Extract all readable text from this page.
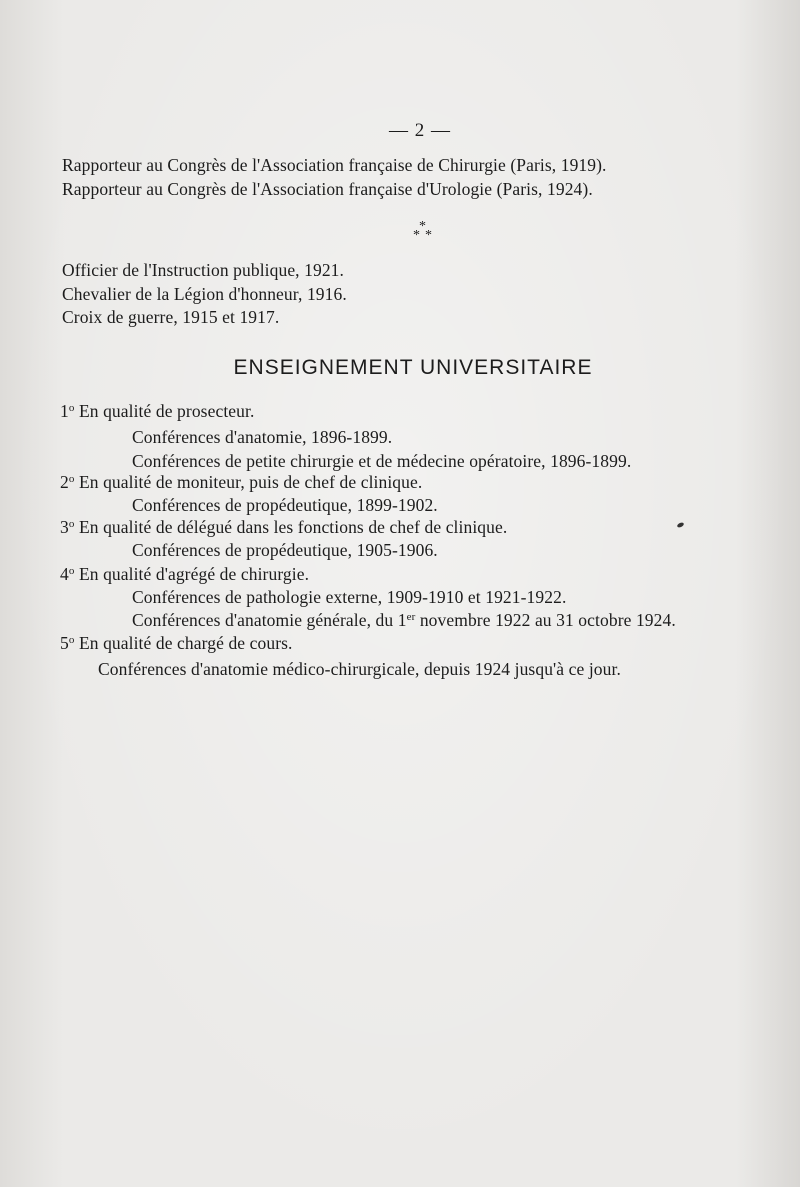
— 2 —
Rapporteur au Congrès de l'Association française de Chirurgie (Paris, 1919).
Rapporteur au Congrès de l'Association française d'Urologie (Paris, 1924).
*
* *
Officier de l'Instruction publique, 1921.
Chevalier de la Légion d'honneur, 1916.
Croix de guerre, 1915 et 1917.
ENSEIGNEMENT UNIVERSITAIRE
1$^o$ En qualité de prosecteur.
Conférences d'anatomie, 1896-1899.
Conférences de petite chirurgie et de médecine opératoire, 1896-1899.
2$^o$ En qualité de moniteur, puis de chef de clinique.
Conférences de propédeutique, 1899-1902.
3$^o$ En qualité de délégué dans les fonctions de chef de clinique.
Conférences de propédeutique, 1905-1906.
4$^o$ En qualité d'agrégé de chirurgie.
Conférences de pathologie externe, 1909-1910 et 1921-1922.
Conférences d'anatomie générale, du 1er novembre 1922 au 31 octobre 1924.
5$^o$ En qualité de chargé de cours.
Conférences d'anatomie médico-chirurgicale, depuis 1924 jusqu'à ce jour.
